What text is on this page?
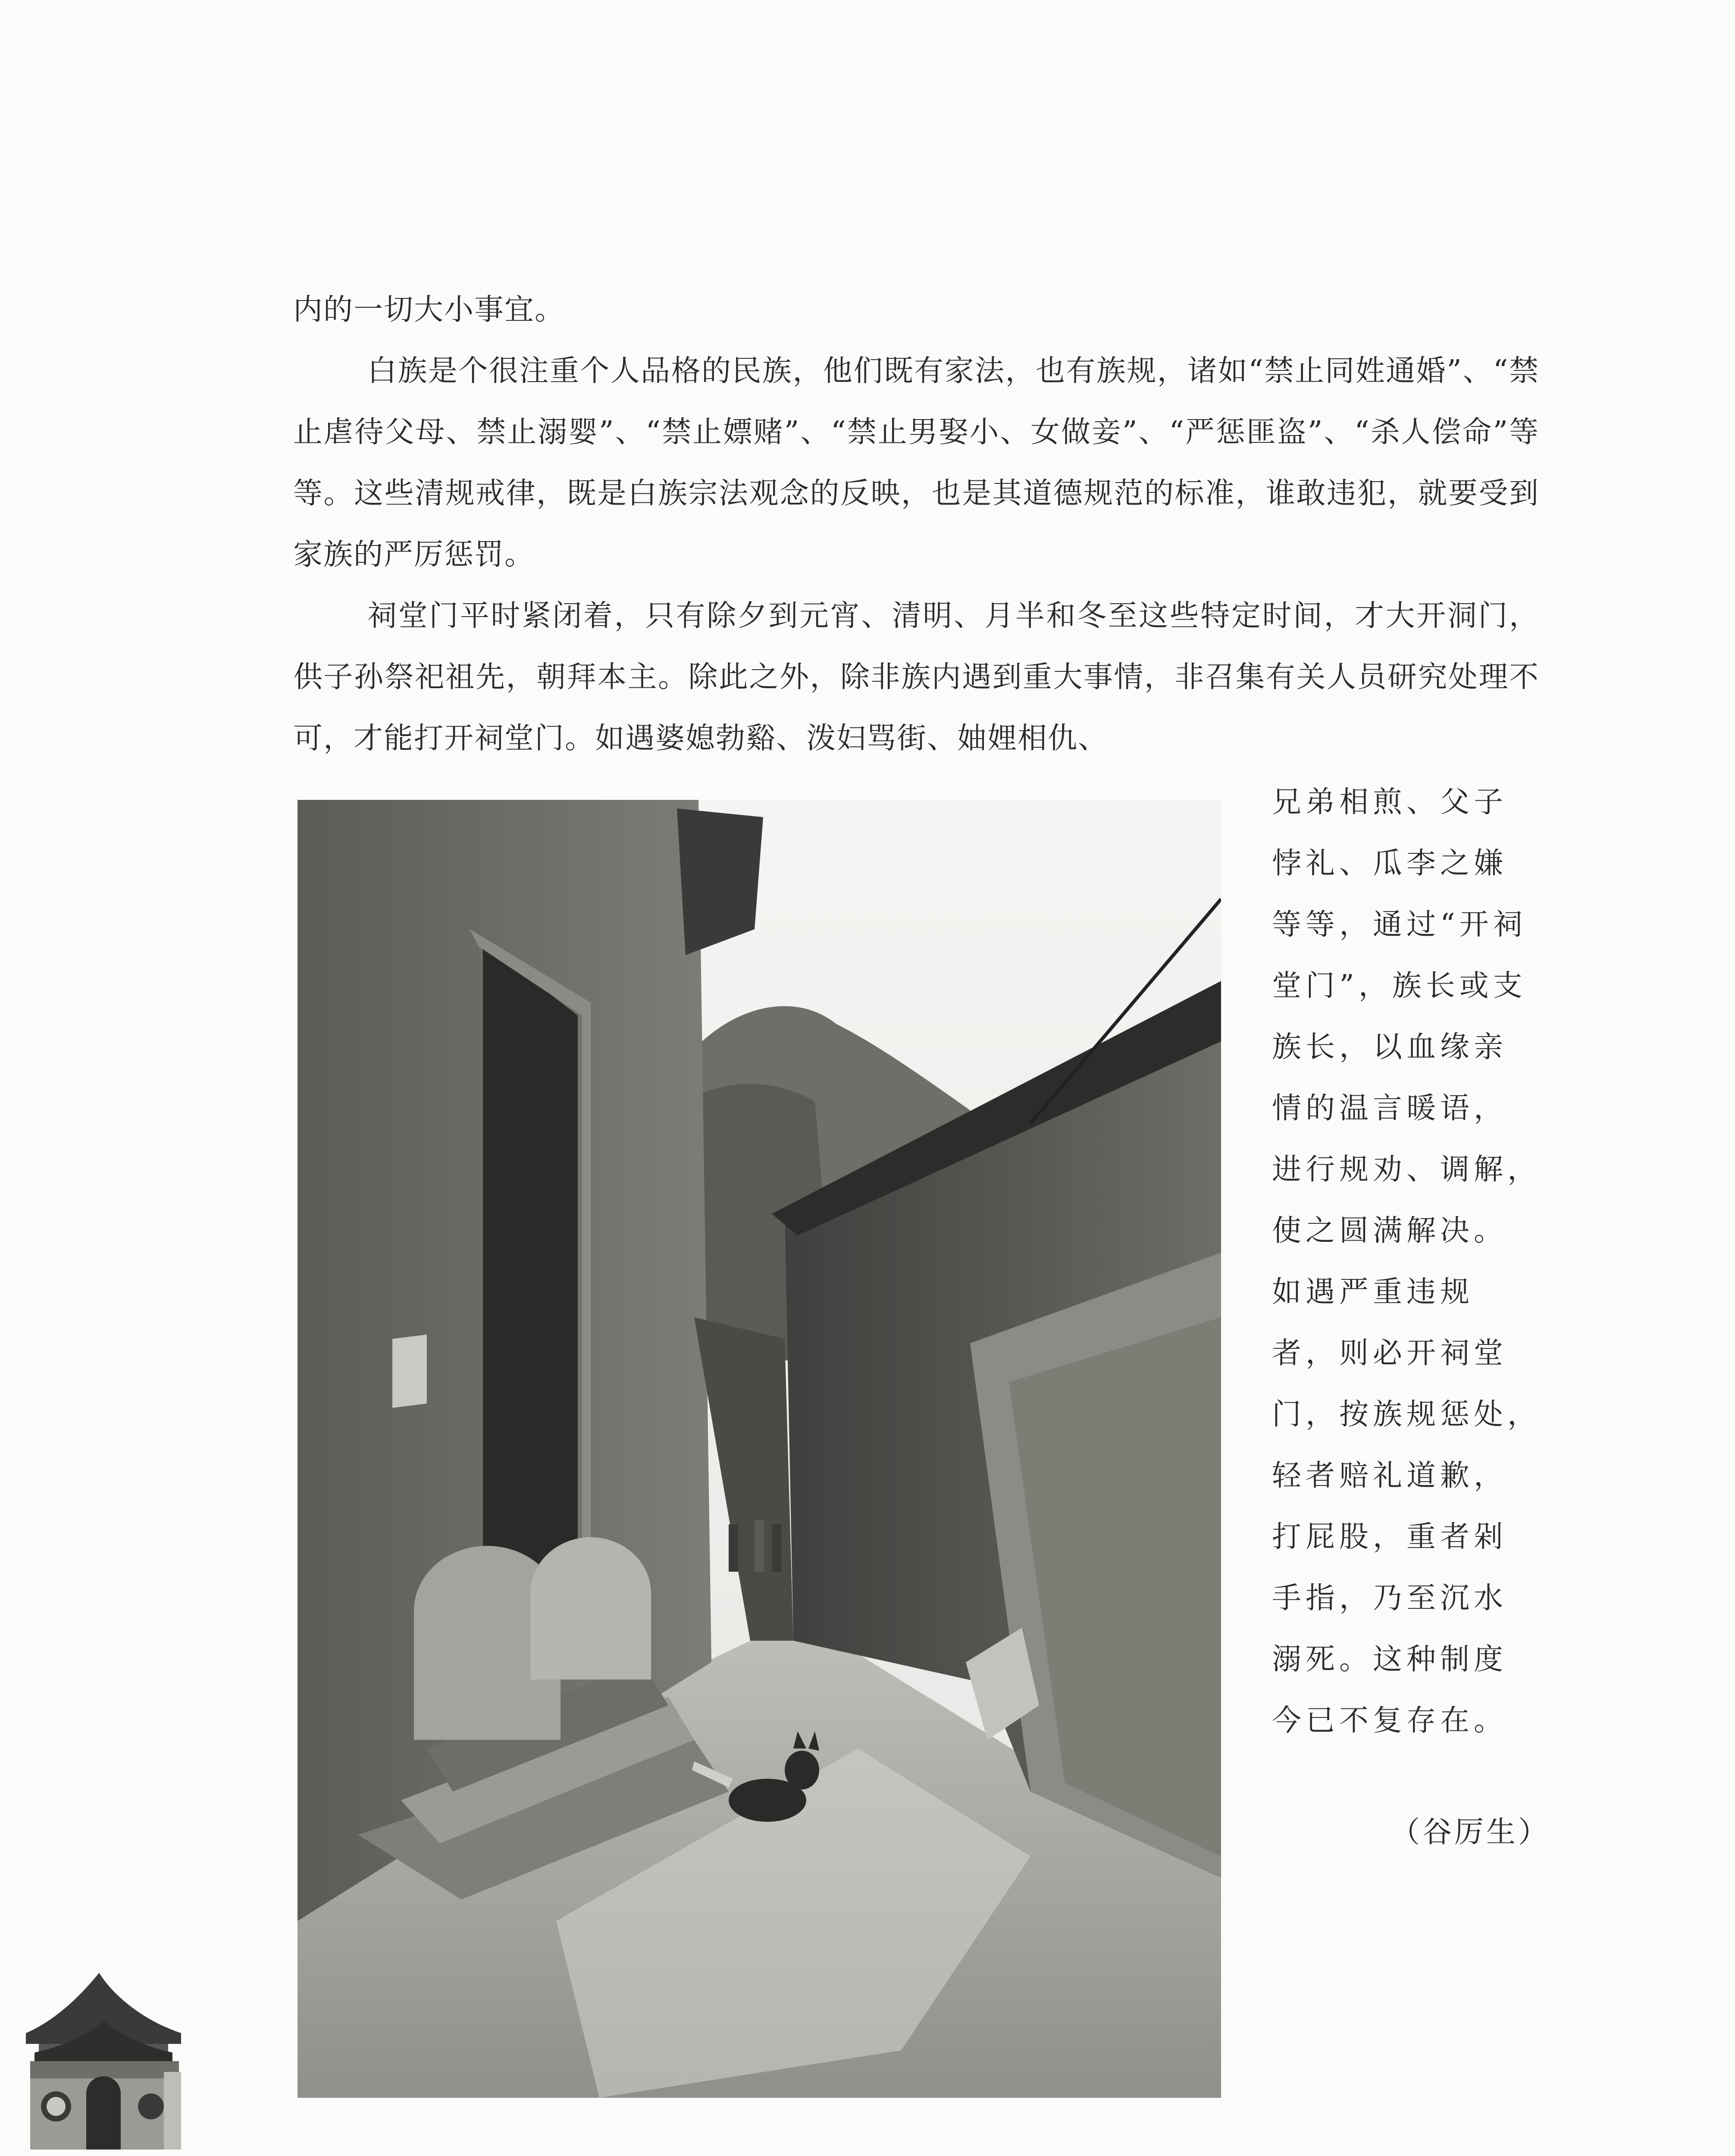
内的一切大小事宜。

白族是个很注重个人品格的民族，他们既有家法，也有族规，诸如“禁止同姓通婚”、“禁止虐待父母、禁止溺婴”、“禁止嫖赌”、“禁止男娶小、女做妾”、“严惩匪盗”、“杀人偿命”等等。这些清规戒律，既是白族宗法观念的反映，也是其道德规范的标准，谁敢违犯，就要受到家族的严厉惩罚。

祠堂门平时紧闭着，只有除夕到元宵、清明、月半和冬至这些特定时间，才大开洞门，供子孙祭祀祖先，朝拜本主。除此之外，除非族内遇到重大事情，非召集有关人员研究处理不可，才能打开祠堂门。如遇婆媳勃谿、泼妇骂街、妯娌相仇、

兄弟相煎、父子
悖礼、瓜李之嫌
等等，通过“开祠
堂门”，族长或支
族长，以血缘亲
情的温言暖语，
进行规劝、调解，
使之圆满解决。
如遇严重违规
者，则必开祠堂
门，按族规惩处，
轻者赔礼道歉，
打屁股，重者剁
手指，乃至沉水
溺死。这种制度
今已不复存在。
（谷厉生）
